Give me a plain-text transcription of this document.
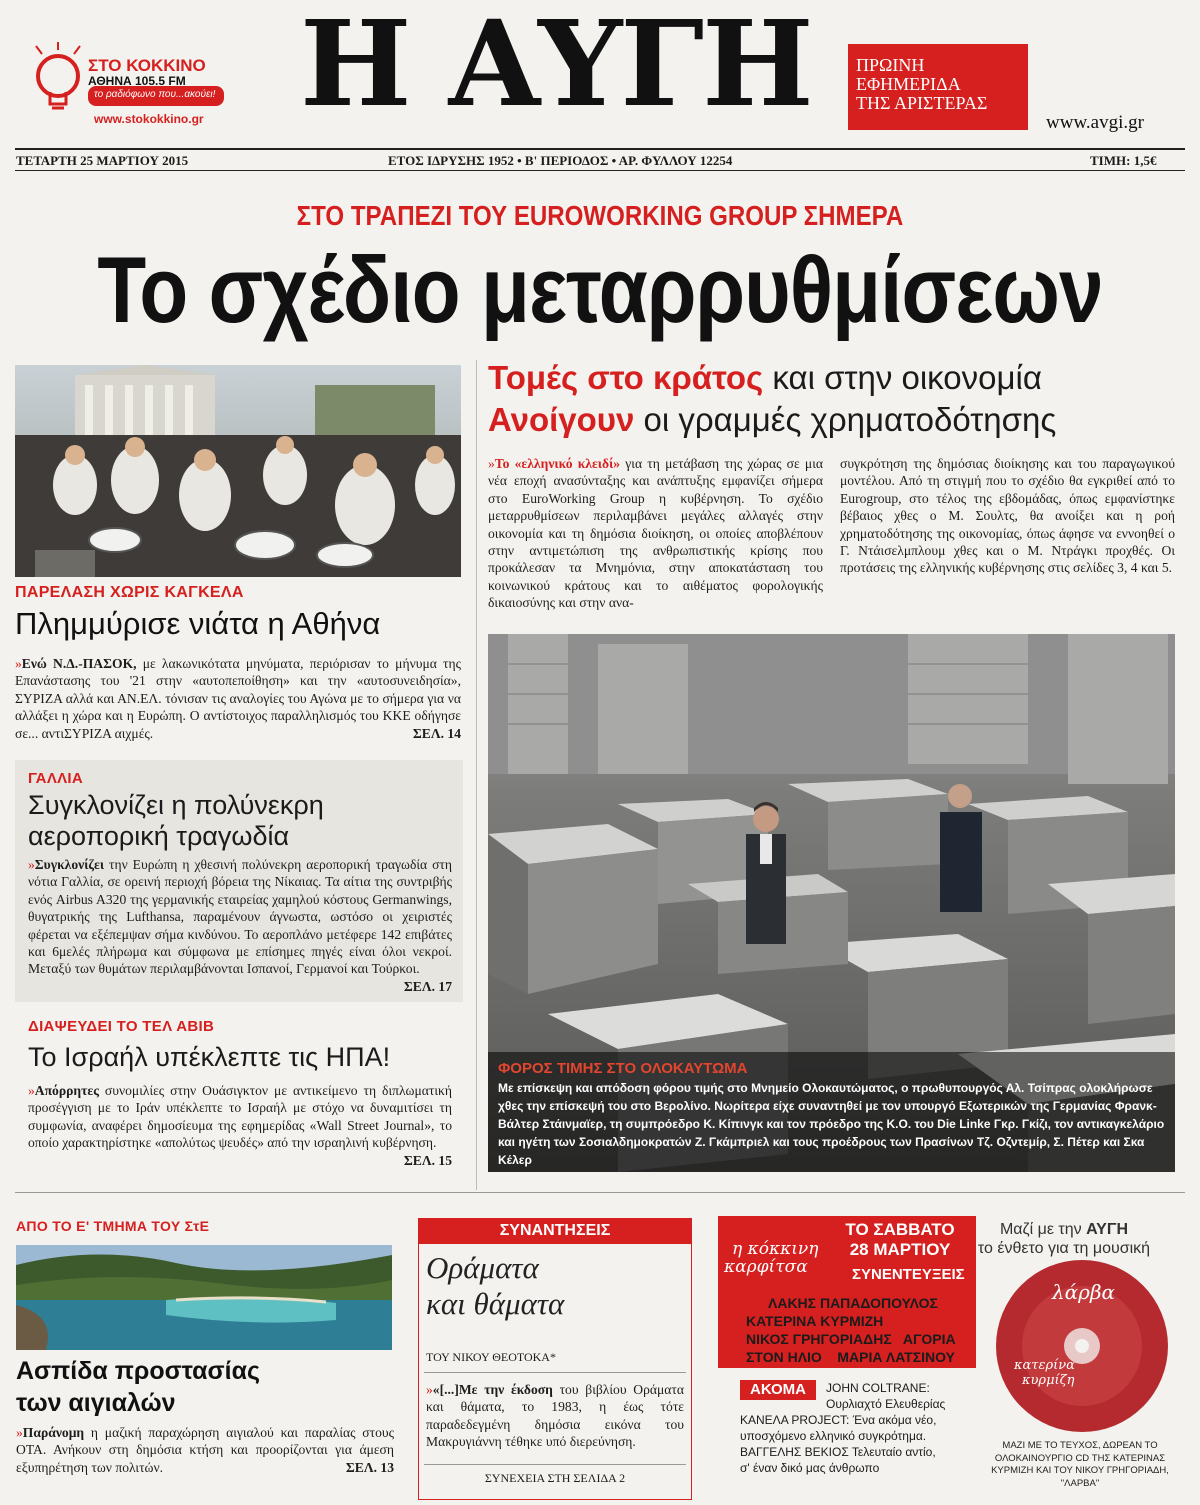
ΣΤΟ ΚΟΚΚΙΝΟ
ΑΘΗΝΑ 105.5 FM
το ραδιόφωνο που...ακούει!
www.stokokkino.gr Η ΑΥΓΗ	ΠΡΩΙΝΗ
ΕΦΗΜΕΡΙΔΑ
ΤΗΣ ΑΡΙΣΤΕΡΑΣ
www.avgi.gr
ΤΕΤΑΡΤΗ 25 ΜΑΡΤΙΟΥ 2015	ΕΤΟΣ ΙΔΡΥΣΗΣ 1952 • Β' ΠΕΡΙΟΔΟΣ • ΑΡ. ΦΥΛΛΟΥ 12254	ΤΙΜΗ: 1,5€
ΣΤΟ ΤΡΑΠΕΖΙ ΤΟΥ EUROWORKING GROUP ΣΗΜΕΡΑ
Το σχέδιο μεταρρυθμίσεων
ΠΑΡΕΛΑΣΗ ΧΩΡΙΣ ΚΑΓΚΕΛΑ
Πλημμύρισε νιάτα η Αθήνα
»Ενώ Ν.Δ.-ΠΑΣΟΚ, με λακωνικότατα μηνύματα, περιόρισαν το μήνυμα της Επανάστασης του '21 στην «αυτοπεποίθηση» και την «αυτοσυνειδησία», ΣΥΡΙΖΑ αλλά και ΑΝ.ΕΛ. τόνισαν τις αναλογίες του Αγώνα με το σήμερα για να αλλάξει η χώρα και η Ευρώπη. Ο αντίστοιχος παραλληλισμός του ΚΚΕ οδήγησε σε... αντιΣΥΡΙΖΑ αιχμές.	ΣΕΛ. 14
ΓΑΛΛΙΑ
Συγκλονίζει η πολύνεκρη αεροπορική τραγωδία
»Συγκλονίζει την Ευρώπη η χθεσινή πολύνεκρη αεροπορική τραγωδία στη νότια Γαλλία, σε ορεινή περιοχή βόρεια της Νίκαιας. Τα αίτια της συντριβής ενός Airbus A320 της γερμανικής εταιρείας χαμηλού κόστους Germanwings, θυγατρικής της Lufthansa, παραμένουν άγνωστα, ωστόσο οι χειριστές φέρεται να εξέπεμψαν σήμα κινδύνου. Το αεροπλάνο μετέφερε 142 επιβάτες και 6μελές πλήρωμα και σύμφωνα με επίσημες πηγές είναι όλοι νεκροί. Μεταξύ των θυμάτων περιλαμβάνονται Ισπανοί, Γερμανοί και Τούρκοι.
ΣΕΛ. 17
ΔΙΑΨΕΥΔΕΙ ΤΟ ΤΕΛ ΑΒΙΒ
Το Ισραήλ υπέκλεπτε τις ΗΠΑ!
»Απόρρητες συνομιλίες στην Ουάσιγκτον με αντικείμενο τη διπλωματική προσέγγιση με το Ιράν υπέκλεπτε το Ισραήλ με στόχο να δυναμιτίσει τη συμφωνία, αναφέρει δημοσίευμα της εφημερίδας «Wall Street Journal», το οποίο χαρακτηρίστηκε «απολύτως ψευδές» από την ισραηλινή κυβέρνηση.
ΣΕΛ. 15
Τομές στο κράτος και στην οικονομία
Ανοίγουν οι γραμμές χρηματοδότησης
»Το «ελληνικό κλειδί» για τη μετάβαση της χώρας σε μια νέα εποχή ανασύνταξης και ανάπτυξης εμφανίζει σήμερα στο EuroWorking Group η κυβέρνηση. Το σχέδιο μεταρρυθμίσεων περιλαμβάνει μεγάλες αλλαγές στην οικονομία και τη δημόσια διοίκηση, οι οποίες αποβλέπουν στην αντιμετώπιση της ανθρωπιστικής κρίσης που προκάλεσαν τα Μνημόνια, στην αποκατάσταση του κοινωνικού κράτους και το αιθέματος φορολογικής δικαιοσύνης και στην ανα-
συγκρότηση της δημόσιας διοίκησης και του παραγωγικού μοντέλου. Από τη στιγμή που το σχέδιο θα εγκριθεί από το Eurogroup, στο τέλος της εβδομάδας, όπως εμφανίστηκε βέβαιος χθες ο Μ. Σουλτς, θα ανοίξει και η ροή χρηματοδότησης της οικονομίας, όπως άφησε να εννοηθεί ο Γ. Ντάισελμπλουμ χθες και ο Μ. Ντράγκι προχθές. Οι προτάσεις της ελληνικής κυβέρνησης στις σελίδες 3, 4 και 5.
ΦΟΡΟΣ ΤΙΜΗΣ ΣΤΟ ΟΛΟΚΑΥΤΩΜΑ
Με επίσκεψη και απόδοση φόρου τιμής στο Μνημείο Ολοκαυτώματος, ο πρωθυπουργός Αλ. Τσίπρας ολοκλήρωσε χθες την επίσκεψή του στο Βερολίνο. Νωρίτερα είχε συναντηθεί με τον υπουργό Εξωτερικών της Γερμανίας Φρανκ-Βάλτερ Στάινμαϊερ, τη συμπρόεδρο Κ. Κίπινγκ και τον πρόεδρο της Κ.Ο. του Die Linke Γκρ. Γκίζι, τον αντικαγκελάριο και ηγέτη των Σοσιαλδημοκρατών Ζ. Γκάμπριελ και τους προέδρους των Πρασίνων Τζ. Οζντεμίρ, Σ. Πέτερ και Σκα Κέλερ
ΑΠΟ ΤΟ Ε' ΤΜΗΜΑ ΤΟΥ ΣτΕ
Ασπίδα προστασίας
των αιγιαλών
»Παράνομη η μαζική παραχώρηση αιγιαλού και παραλίας στους ΟΤΑ. Ανήκουν στη δημόσια κτήση και προορίζονται για άμεση εξυπηρέτηση των πολιτών.	ΣΕΛ. 13
ΣΥΝΑΝΤΗΣΕΙΣ
Οράματα
και θάματα
ΤΟΥ ΝΙΚΟΥ ΘΕΟΤΟΚΑ*
»«[...]Με την έκδοση του βιβλίου Οράματα και θάματα, το 1983, η έως τότε παραδεδεγμένη δημόσια εικόνα του Μακρυγιάννη τέθηκε υπό διερεύνηση.
ΣΥΝΕΧΕΙΑ ΣΤΗ ΣΕΛΙΔΑ 2
ΤΟ ΣΑΒΒΑΤΟ
28 ΜΑΡΤΙΟΥ
η κόκκινη
καρφίτσα	ΣΥΝΕΝΤΕΥΞΕΙΣ
ΛΑΚΗΣ ΠΑΠΑΔΟΠΟΥΛΟΣ
ΚΑΤΕΡΙΝΑ ΚΥΡΜΙΖΗ
ΝΙΚΟΣ ΓΡΗΓΟΡΙΑΔΗΣ ΑΓΟΡΙΑ
ΣΤΟΝ ΗΛΙΟ ΜΑΡΙΑ ΛΑΤΣΙΝΟΥ
Μαζί με την ΑΥΓΗ
το ένθετο για τη μουσική
λάρβα
κατερίνα
κυρμίζη
JOHN COLTRANE:
Ουρλιαχτό Ελευθερίας
ΚΑΝΕΛΑ PROJECT: Ένα ακόμα νέο,
υποσχόμενο ελληνικό συγκρότημα.
ΒΑΓΓΕΛΗΣ ΒΕΚΙΟΣ Τελευταίο αντίο,
σ' έναν δικό μας άνθρωπο
ΑΚΟΜΑ
ΜΑΖΙ ΜΕ ΤΟ ΤΕΥΧΟΣ, ΔΩΡΕΑΝ ΤΟ ΟΛΟΚΑΙΝΟΥΡΓΙΟ CD ΤΗΣ ΚΑΤΕΡΙΝΑΣ ΚΥΡΜΙΖΗ ΚΑΙ ΤΟΥ ΝΙΚΟΥ ΓΡΗΓΟΡΙΑΔΗ, "ΛΑΡΒΑ"
